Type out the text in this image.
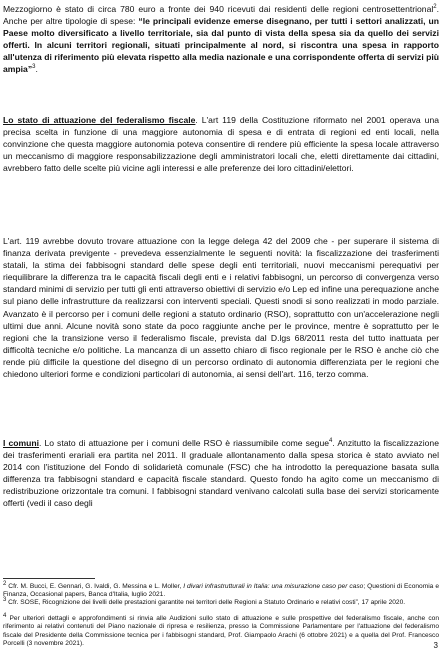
Mezzogiorno è stato di circa 780 euro a fronte dei 940 ricevuti dai residenti delle regioni centrosettentrional$^2$. Anche per altre tipologie di spese: “le principali evidenze emerse disegnano, per tutti i settori analizzati, un Paese molto diversificato a livello territoriale, sia dal punto di vista della spesa sia da quello dei servizi offerti. In alcuni territori regionali, situati principalmente al nord, si riscontra una spesa in rapporto all'utenza di riferimento più elevata rispetto alla media nazionale e una corrispondente offerta di servizi più ampia”$^3$.

Lo stato di attuazione del federalismo fiscale. L'art 119 della Costituzione riformato nel 2001 operava una precisa scelta in funzione di una maggiore autonomia di spesa e di entrata di regioni ed enti locali, nella convinzione che questa maggiore autonomia poteva consentire di rendere più efficiente la spesa locale attraverso un meccanismo di maggiore responsabilizzazione degli amministratori locali che, eletti direttamente dai cittadini, avrebbero fatto delle scelte più vicine agli interessi e alle preferenze dei loro cittadini/elettori.

L'art. 119 avrebbe dovuto trovare attuazione con la legge delega 42 del 2009 che - per superare il sistema di finanza derivata previgente - prevedeva essenzialmente le seguenti novità: la fiscalizzazione dei trasferimenti statali, la stima dei fabbisogni standard delle spese degli enti territoriali, nuovi meccanismi perequativi per riequilibrare la differenza tra le capacità fiscali degli enti e i relativi fabbisogni, un percorso di convergenza verso standard minimi di servizio per tutti gli enti attraverso obiettivi di servizio e/o Lep ed infine una perequazione anche sul piano delle infrastrutture da realizzarsi con interventi speciali. Questi snodi si sono realizzati in modo parziale. Avanzato è il percorso per i comuni delle regioni a statuto ordinario (RSO), soprattutto con un'accelerazione negli ultimi due anni. Alcune novità sono state da poco raggiunte anche per le province, mentre è soprattutto per le regioni che la transizione verso il federalismo fiscale, prevista dal D.lgs 68/2011 resta del tutto inattuata per difficoltà tecniche e/o politiche. La mancanza di un assetto chiaro di fisco regionale per le RSO è anche ciò che rende più difficile la questione del disegno di un percorso ordinato di autonomia differenziata per le regioni che chiedono ulteriori forme e condizioni particolari di autonomia, ai sensi dell'art. 116, terzo comma.

I comuni. Lo stato di attuazione per i comuni delle RSO è riassumibile come segue$^4$. Anzitutto la fiscalizzazione dei trasferimenti erariali era partita nel 2011. Il graduale allontanamento dalla spesa storica è stato avviato nel 2014 con l'istituzione del Fondo di solidarietà comunale (FSC) che ha introdotto la perequazione basata sulla differenza tra fabbisogni standard e capacità fiscale standard. Questo fondo ha agito come un meccanismo di redistribuzione orizzontale tra comuni. I fabbisogni standard venivano calcolati sulla base dei servizi storicamente offerti (vedi il caso degli

$^2$ Cfr. M. Bucci, E. Gennari, G. Ivaldi, G. Messina e L. Moller, I divari infrastrutturali in Italia: una misurazione caso per caso; Questioni di Economia e Finanza, Occasional papers, Banca d'Italia, luglio 2021.

$^3$ Cfr. SOSE, Ricognizione dei livelli delle prestazioni garantite nei territori delle Regioni a Statuto Ordinario e relativi costi”, 17 aprile 2020.

$^4$ Per ulteriori dettagli e approfondimenti si rinvia alle Audizioni sullo stato di attuazione e sulle prospettive del federalismo fiscale, anche con riferimento ai relativi contenuti del Piano nazionale di ripresa e resilienza, presso la Commissione Parlamentare per l'attuazione del federalismo fiscale del Presidente della Commissione tecnica per i fabbisogni standard, Prof. Giampaolo Arachi (6 ottobre 2021) e a quella del Prof. Francesco Porcelli (3 novembre 2021).	3
